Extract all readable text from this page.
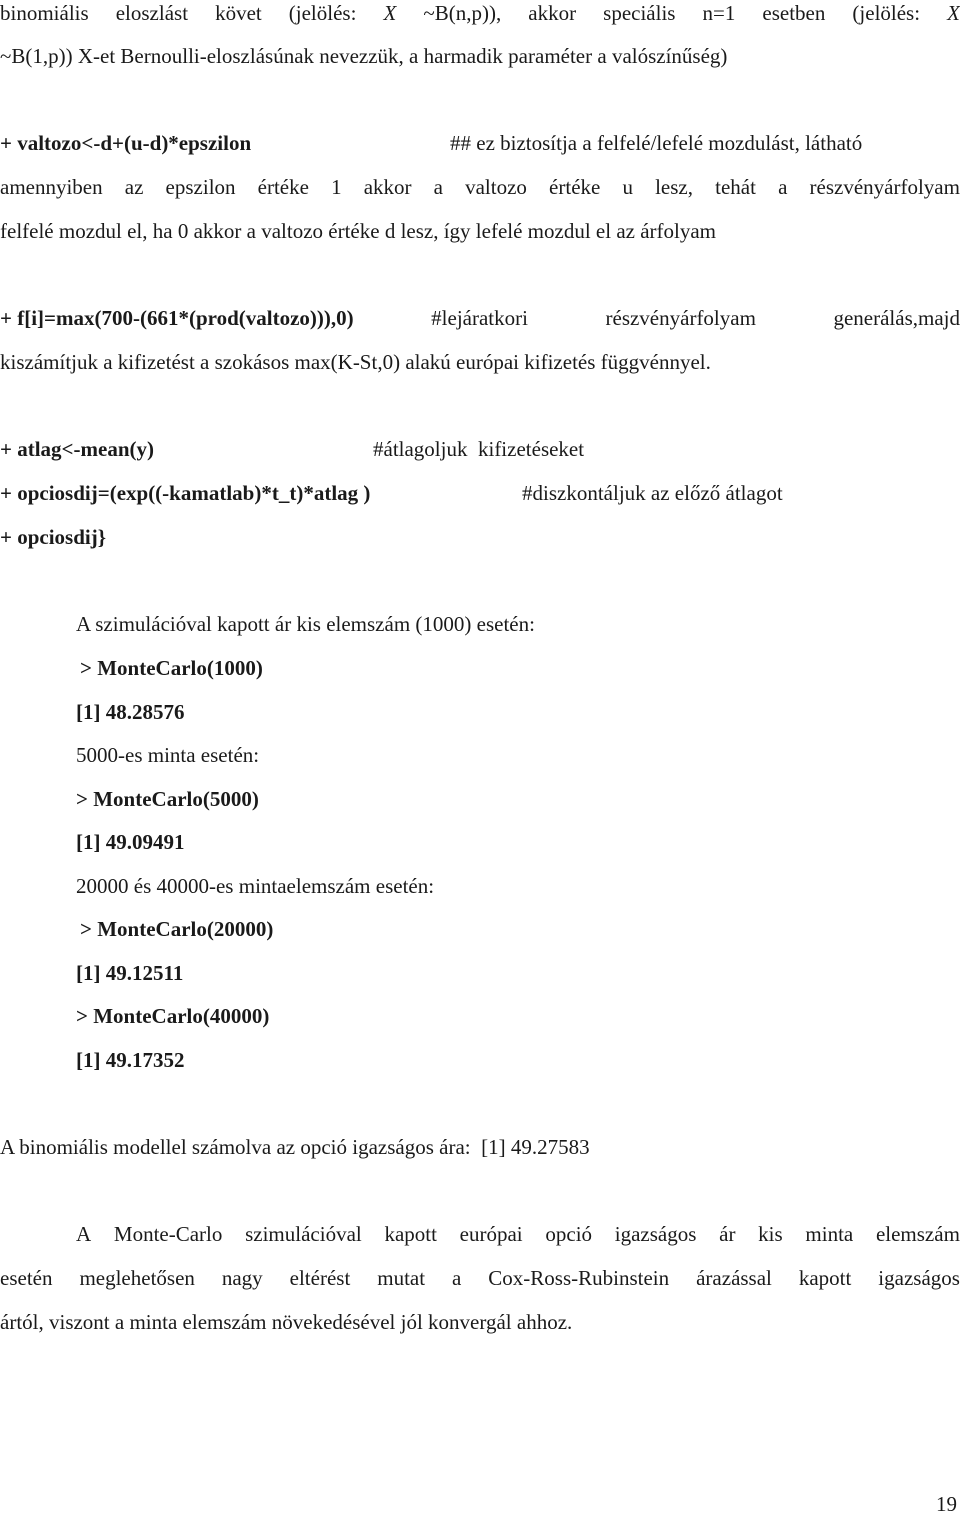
binomiális eloszlást követ (jelölés: X ~B(n,p)), akkor speciális n=1 esetben (jelölés: X
~B(1,p)) X-et Bernoulli-eloszlásúnak nevezzük, a harmadik paraméter a valószínűség)
+ valtozo<-d+(u-d)*epszilon	## ez biztosítja a felfelé/lefelé mozdulást, látható
amennyiben az epszilon értéke 1 akkor a valtozo értéke u lesz, tehát a részvényárfolyam
felfelé mozdul el, ha 0 akkor a valtozo értéke d lesz, így lefelé mozdul el az árfolyam
+ f[i]=max(700-(661*(prod(valtozo))),0)	#lejáratkori	részvényárfolyam	generálás,majd
kiszámítjuk a kifizetést a szokásos max(K-St,0) alakú európai kifizetés függvénnyel.
+ atlag<-mean(y)	#átlagoljuk  kifizetéseket
+ opciosdij=(exp((-kamatlab)*t_t)*atlag )	#diszkontáljuk az előző átlagot
+ opciosdij}
A szimulációval kapott ár kis elemszám (1000) esetén:
> MonteCarlo(1000)
[1] 48.28576
5000-es minta esetén:
> MonteCarlo(5000)
[1] 49.09491
20000 és 40000-es mintaelemszám esetén:
> MonteCarlo(20000)
[1] 49.12511
> MonteCarlo(40000)
[1] 49.17352
A binomiális modellel számolva az opció igazságos ára:  [1] 49.27583
A Monte-Carlo szimulációval kapott európai opció igazságos ár kis minta elemszám
esetén meglehetősen nagy eltérést mutat a Cox-Ross-Rubinstein árazással kapott igazságos
ártól, viszont a minta elemszám növekedésével jól konvergál ahhoz.
19
